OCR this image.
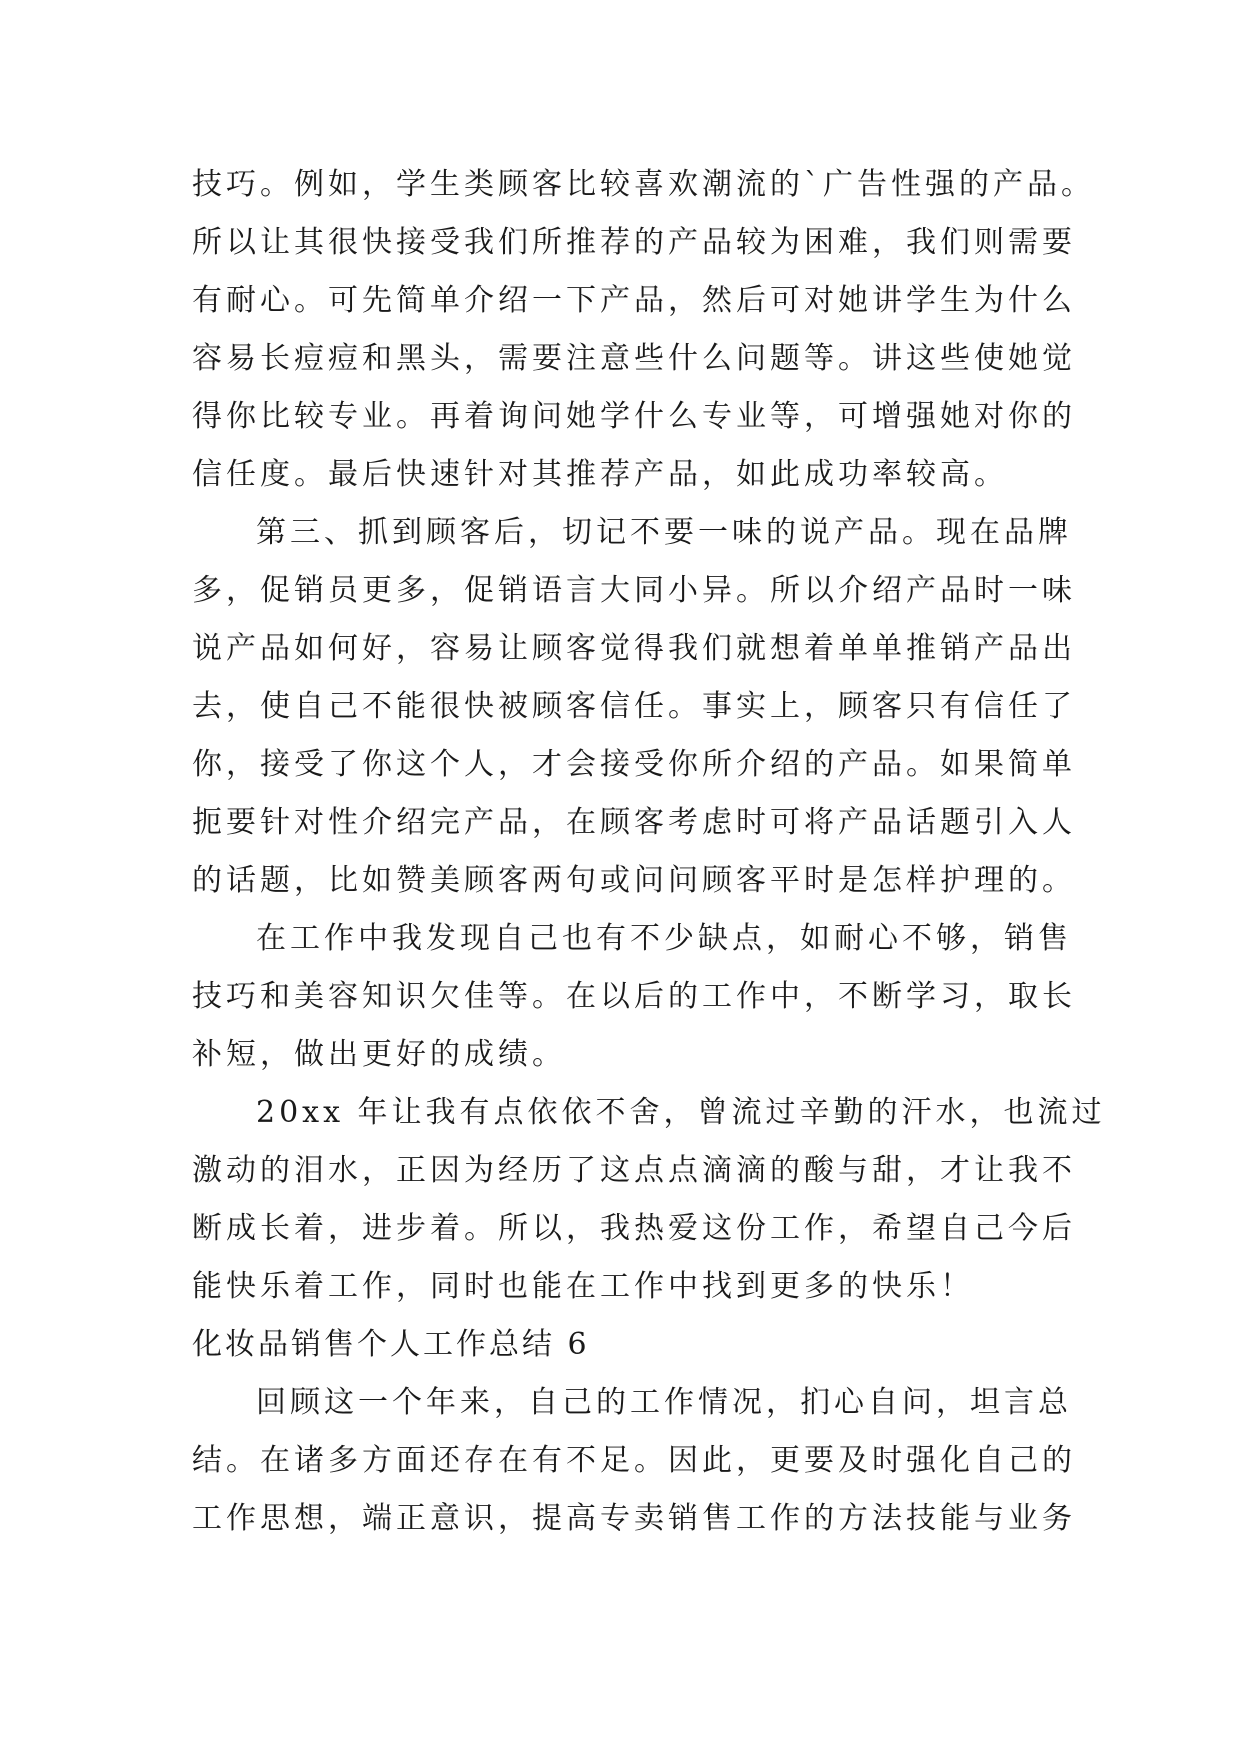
技巧。例如，学生类顾客比较喜欢潮流的`广告性强的产品。
所以让其很快接受我们所推荐的产品较为困难，我们则需要
有耐心。可先简单介绍一下产品，然后可对她讲学生为什么
容易长痘痘和黑头，需要注意些什么问题等。讲这些使她觉
得你比较专业。再着询问她学什么专业等，可增强她对你的
信任度。最后快速针对其推荐产品，如此成功率较高。
第三、抓到顾客后，切记不要一味的说产品。现在品牌
多，促销员更多，促销语言大同小异。所以介绍产品时一味
说产品如何好，容易让顾客觉得我们就想着单单推销产品出
去，使自己不能很快被顾客信任。事实上，顾客只有信任了
你，接受了你这个人，才会接受你所介绍的产品。如果简单
扼要针对性介绍完产品，在顾客考虑时可将产品话题引入人
的话题，比如赞美顾客两句或问问顾客平时是怎样护理的。
在工作中我发现自己也有不少缺点，如耐心不够，销售
技巧和美容知识欠佳等。在以后的工作中，不断学习，取长
补短，做出更好的成绩。
20xx 年让我有点依依不舍，曾流过辛勤的汗水，也流过
激动的泪水，正因为经历了这点点滴滴的酸与甜，才让我不
断成长着，进步着。所以，我热爱这份工作，希望自己今后
能快乐着工作，同时也能在工作中找到更多的快乐！
化妆品销售个人工作总结 6
回顾这一个年来，自己的工作情况，扪心自问，坦言总
结。在诸多方面还存在有不足。因此，更要及时强化自己的
工作思想，端正意识，提高专卖销售工作的方法技能与业务
